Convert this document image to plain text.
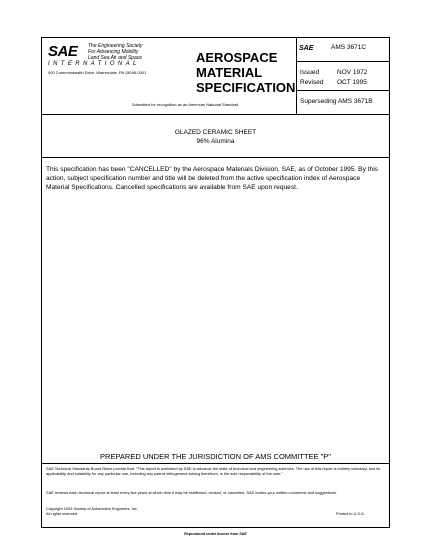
SAE The Engineering Society
For Advancing Mobility
Land Sea Air and Space
INTERNATIONAL
400 Commonwealth Drive, Warrendale, PA 15096-0001
AEROSPACE
MATERIAL
SPECIFICATION
Submitted for recognition as an American National Standard
SAE	AMS 3671C
Issued	NOV 1972
Revised OCT 1995
Superseding AMS 3671B
GLAZED CERAMIC SHEET
96% Alumina
This specification has been "CANCELLED" by the Aerospace Materials Division, SAE, as of October 1995. By this action, subject specification number and title will be deleted from the active specification index of Aerospace Material Specifications. Cancelled specifications are available from SAE upon request.
PREPARED UNDER THE JURISDICTION OF AMS COMMITTEE "P"
SAE Technical Standards Board Rules provide that: "This report is published by SAE to advance the state of technical and engineering sciences. The use of this report is entirely voluntary, and its applicability and suitability for any particular use, including any patent infringement arising therefrom, is the sole responsibility of the user."
SAE reviews each technical report at least every five years at which time it may be reaffirmed, revised, or cancelled. SAE invites your written comments and suggestions.
Copyright 1995 Society of Automotive Engineers, Inc.
All rights reserved.	Printed in U.S.A.
Reproduced under license from SAE
